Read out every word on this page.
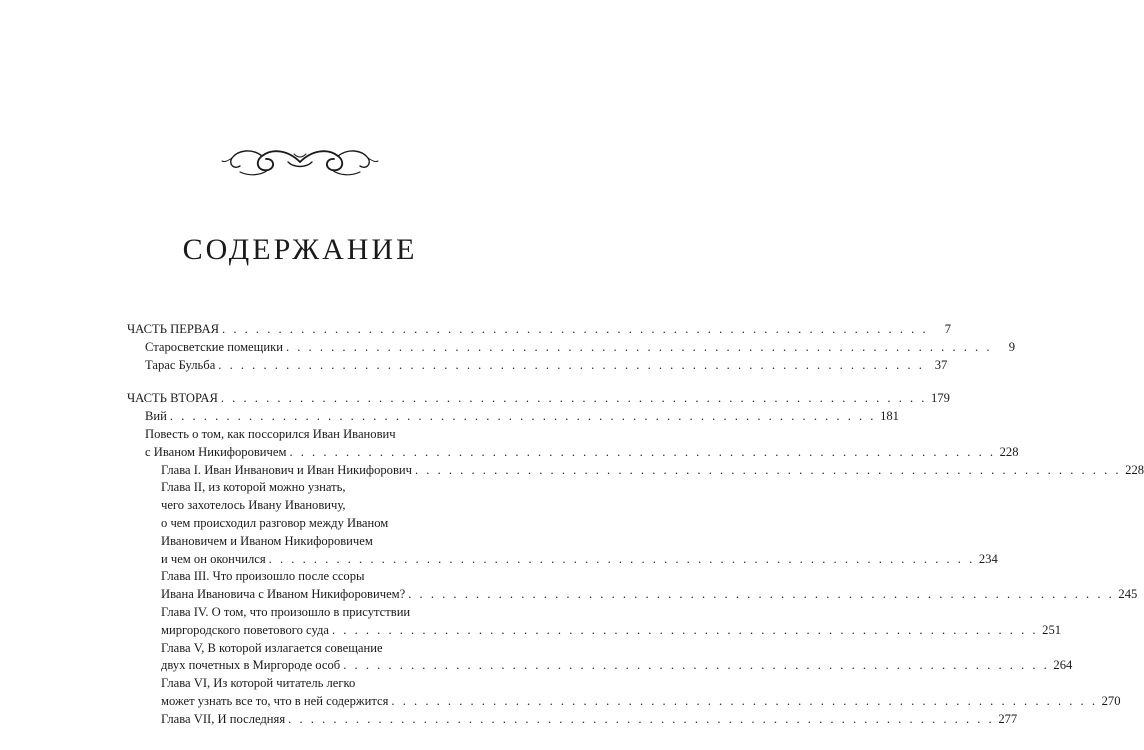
СОДЕРЖАНИЕ
ЧАСТЬ ПЕРВАЯ . . . . . . . . . . . . . . . . . . . . . . . . . . . . . . . . . . . . . . . . . . . . . . . . . . . . . . . . . . . . . . .	7
Старосветские помещики . . . . . . . . . . . . . . . . . . . . . . . . . . . . . . . . . . . . . . . . . . . . . . . . . . . . . . . . . . . . . . .	9
Тарас Бульба . . . . . . . . . . . . . . . . . . . . . . . . . . . . . . . . . . . . . . . . . . . . . . . . . . . . . . . . . . . . . . . 37
ЧАСТЬ ВТОРАЯ . . . . . . . . . . . . . . . . . . . . . . . . . . . . . . . . . . . . . . . . . . . . . . . . . . . . . . . . . . . . . . . 179
Вий . . . . . . . . . . . . . . . . . . . . . . . . . . . . . . . . . . . . . . . . . . . . . . . . . . . . . . . . . . . . . . . 181
Повесть о том, как поссорился Иван Иванович
с Иваном Никифоровичем . . . . . . . . . . . . . . . . . . . . . . . . . . . . . . . . . . . . . . . . . . . . . . . . . . . . . . . . . . . . . . . 228
Глава I. Иван Инванович и Иван Никифорович . . . . . . . . . . . . . . . . . . . . . . . . . . . . . . . . . . . . . . . . . . . . . . . . . . . . . . . . . . . . . . . 228
Глава II, из которой можно узнать,
чего захотелось Ивану Ивановичу,
о чем происходил разговор между Иваном
Ивановичем и Иваном Никифоровичем
и чем он окончился . . . . . . . . . . . . . . . . . . . . . . . . . . . . . . . . . . . . . . . . . . . . . . . . . . . . . . . . . . . . . . . 234
Глава III. Что произошло после ссоры
Ивана Ивановича с Иваном Никифоровичем? . . . . . . . . . . . . . . . . . . . . . . . . . . . . . . . . . . . . . . . . . . . . . . . . . . . . . . . . . . . . . . . 245
Глава IV. О том, что произошло в присутствии
миргородского поветового суда . . . . . . . . . . . . . . . . . . . . . . . . . . . . . . . . . . . . . . . . . . . . . . . . . . . . . . . . . . . . . . . 251
Глава V, В которой излагается совещание
двух почетных в Миргороде особ . . . . . . . . . . . . . . . . . . . . . . . . . . . . . . . . . . . . . . . . . . . . . . . . . . . . . . . . . . . . . . . 264
Глава VI, Из которой читатель легко
может узнать все то, что в ней содержится . . . . . . . . . . . . . . . . . . . . . . . . . . . . . . . . . . . . . . . . . . . . . . . . . . . . . . . . . . . . . . . 270
Глава VII, И последняя . . . . . . . . . . . . . . . . . . . . . . . . . . . . . . . . . . . . . . . . . . . . . . . . . . . . . . . . . . . . . . . 277
